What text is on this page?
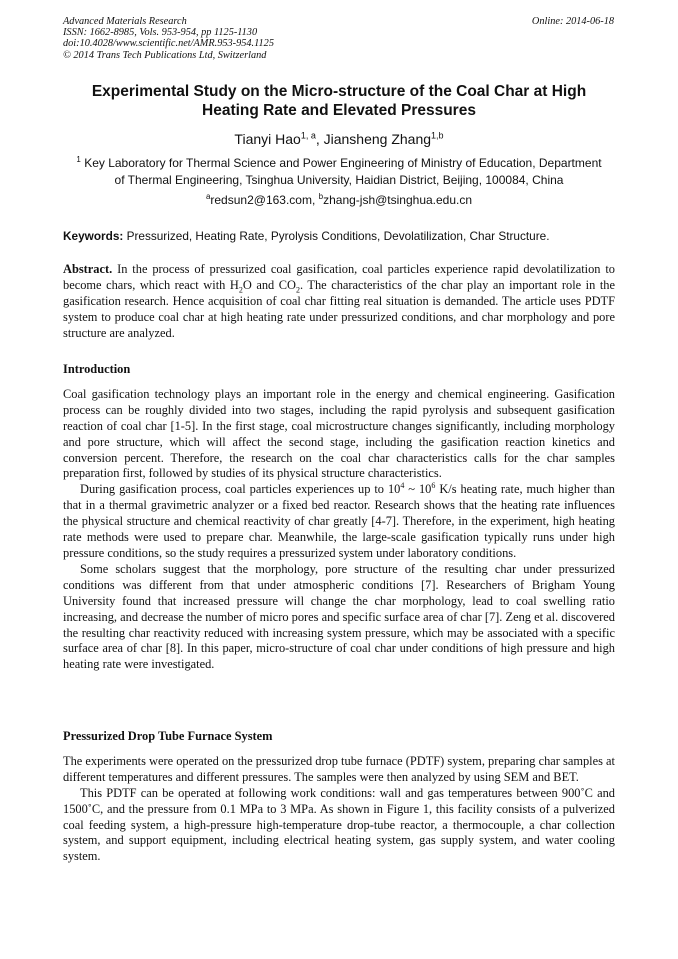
Advanced Materials Research
ISSN: 1662-8985, Vols. 953-954, pp 1125-1130
doi:10.4028/www.scientific.net/AMR.953-954.1125
© 2014 Trans Tech Publications Ltd, Switzerland
Online: 2014-06-18
Experimental Study on the Micro-structure of the Coal Char at High
Heating Rate and Elevated Pressures
Tianyi Hao$^{1, a}$, Jiansheng Zhang$^{1,b}$
$^1$ Key Laboratory for Thermal Science and Power Engineering of Ministry of Education, Department
of Thermal Engineering, Tsinghua University, Haidian District, Beijing, 100084, China
$^a$redsun2@163.com, $^b$zhang-jsh@tsinghua.edu.cn
Keywords: Pressurized, Heating Rate, Pyrolysis Conditions, Devolatilization, Char Structure.
Abstract. In the process of pressurized coal gasification, coal particles experience rapid devolatilization to become chars, which react with $H_2O$ and $CO_2$. The characteristics of the char play an important role in the gasification research. Hence acquisition of coal char fitting real situation is demanded. The article uses PDTF system to produce coal char at high heating rate under pressurized conditions, and char morphology and pore structure are analyzed.
Introduction

Coal gasification technology plays an important role in the energy and chemical engineering. Gasification process can be roughly divided into two stages, including the rapid pyrolysis and subsequent gasification reaction of coal char [1-5]. In the first stage, coal microstructure changes significantly, including morphology and pore structure, which will affect the second stage, including the gasification reaction kinetics and conversion percent. Therefore, the research on the coal char characteristics calls for the char samples preparation first, followed by studies of its physical structure characteristics.

During gasification process, coal particles experiences up to $10^4$ ~ $10^6$ K/s heating rate, much higher than that in a thermal gravimetric analyzer or a fixed bed reactor. Research shows that the heating rate influences the physical structure and chemical reactivity of char greatly [4-7]. Therefore, in the experiment, high heating rate methods were used to prepare char. Meanwhile, the large-scale gasification typically runs under high pressure conditions, so the study requires a pressurized system under laboratory conditions.

Some scholars suggest that the morphology, pore structure of the resulting char under pressurized conditions was different from that under atmospheric conditions [7]. Researchers of Brigham Young University found that increased pressure will change the char morphology, lead to coal swelling ratio increasing, and decrease the number of micro pores and specific surface area of char [7]. Zeng et al. discovered the resulting char reactivity reduced with increasing system pressure, which may be associated with a specific surface area of char [8]. In this paper, micro-structure of coal char under conditions of high pressure and high heating rate were investigated.

Pressurized Drop Tube Furnace System

The experiments were operated on the pressurized drop tube furnace (PDTF) system, preparing char samples at different temperatures and different pressures. The samples were then analyzed by using SEM and BET.

This PDTF can be operated at following work conditions: wall and gas temperatures between 900˚C and 1500˚C, and the pressure from 0.1 MPa to 3 MPa. As shown in Figure 1, this facility consists of a pulverized coal feeding system, a high-pressure high-temperature drop-tube reactor, a thermocouple, a char collection system, and support equipment, including electrical heating system, gas supply system, and water cooling system.
